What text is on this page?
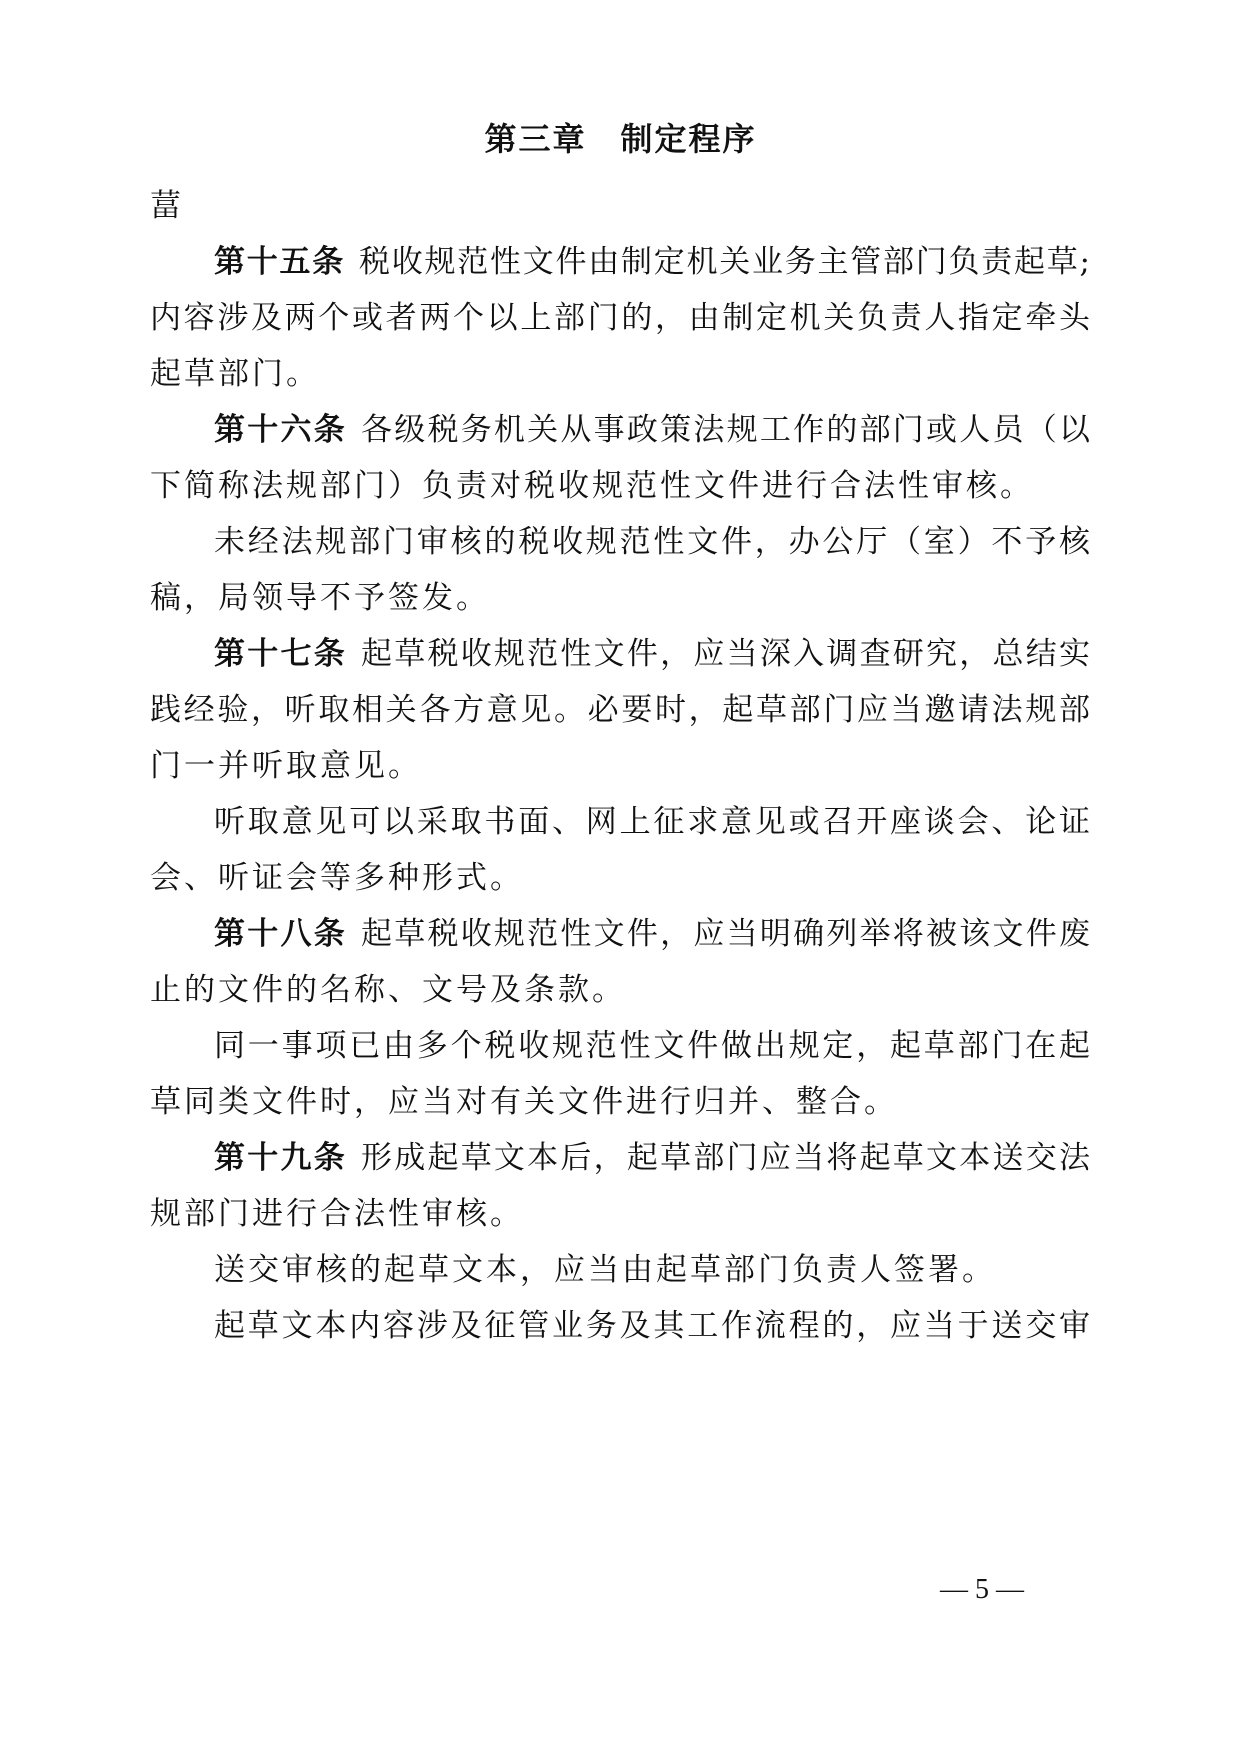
第三章　制定程序
葍
第十五条 税收规范性文件由制定机关业务主管部门负责起草;
内容涉及两个或者两个以上部门的，由制定机关负责人指定牵头
起草部门。
第十六条 各级税务机关从事政策法规工作的部门或人员（以
下简称法规部门）负责对税收规范性文件进行合法性审核。
未经法规部门审核的税收规范性文件，办公厅（室）不予核
稿，局领导不予签发。
第十七条 起草税收规范性文件，应当深入调查研究，总结实
践经验，听取相关各方意见。必要时，起草部门应当邀请法规部
门一并听取意见。
听取意见可以采取书面、网上征求意见或召开座谈会、论证
会、听证会等多种形式。
第十八条 起草税收规范性文件，应当明确列举将被该文件废
止的文件的名称、文号及条款。
同一事项已由多个税收规范性文件做出规定，起草部门在起
草同类文件时，应当对有关文件进行归并、整合。
第十九条 形成起草文本后，起草部门应当将起草文本送交法
规部门进行合法性审核。
送交审核的起草文本，应当由起草部门负责人签署。
起草文本内容涉及征管业务及其工作流程的，应当于送交审
— 5 —
